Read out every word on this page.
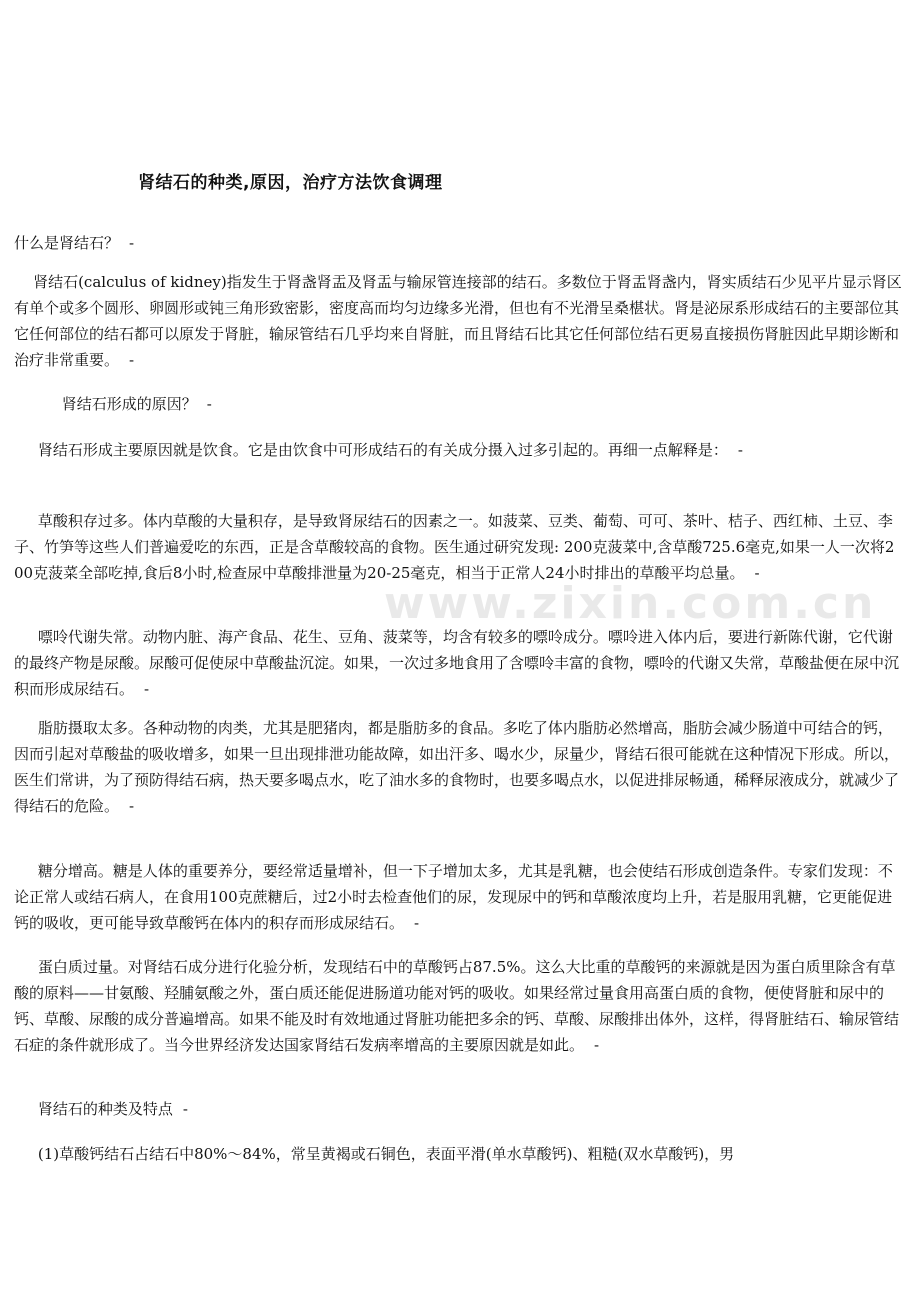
www.zixin.com.cn
肾结石的种类,原因，治疗方法饮食调理

什么是肾结石？ -

肾结石(calculus of kidney)指发生于肾盏肾盂及肾盂与输尿管连接部的结石。多数位于肾盂肾盏内，肾实质结石少见平片显示肾区有单个或多个圆形、卵圆形或钝三角形致密影，密度高而均匀边缘多光滑，但也有不光滑呈桑椹状。肾是泌尿系形成结石的主要部位其它任何部位的结石都可以原发于肾脏，输尿管结石几乎均来自肾脏，而且肾结石比其它任何部位结石更易直接损伤肾脏因此早期诊断和治疗非常重要。 -

肾结石形成的原因？ -

肾结石形成主要原因就是饮食。它是由饮食中可形成结石的有关成分摄入过多引起的。再细一点解释是： -

草酸积存过多。体内草酸的大量积存，是导致肾尿结石的因素之一。如菠菜、豆类、葡萄、可可、茶叶、桔子、西红柿、土豆、李子、竹笋等这些人们普遍爱吃的东西，正是含草酸较高的食物。医生通过研究发现: 200克菠菜中,含草酸725.6毫克,如果一人一次将200克菠菜全部吃掉,食后8小时,检查尿中草酸排泄量为20-25毫克，相当于正常人24小时排出的草酸平均总量。 -

嘌呤代谢失常。动物内脏、海产食品、花生、豆角、菠菜等，均含有较多的嘌呤成分。嘌呤进入体内后，要进行新陈代谢，它代谢的最终产物是尿酸。尿酸可促使尿中草酸盐沉淀。如果，一次过多地食用了含嘌呤丰富的食物，嘌呤的代谢又失常，草酸盐便在尿中沉积而形成尿结石。 -

脂肪摄取太多。各种动物的肉类，尤其是肥猪肉，都是脂肪多的食品。多吃了体内脂肪必然增高，脂肪会减少肠道中可结合的钙，因而引起对草酸盐的吸收增多，如果一旦出现排泄功能故障，如出汗多、喝水少，尿量少，肾结石很可能就在这种情况下形成。所以，医生们常讲，为了预防得结石病，热天要多喝点水，吃了油水多的食物时，也要多喝点水，以促进排尿畅通，稀释尿液成分，就减少了得结石的危险。 -

糖分增高。糖是人体的重要养分，要经常适量增补，但一下子增加太多，尤其是乳糖，也会使结石形成创造条件。专家们发现：不论正常人或结石病人，在食用100克蔗糖后，过2小时去检查他们的尿，发现尿中的钙和草酸浓度均上升，若是服用乳糖，它更能促进钙的吸收，更可能导致草酸钙在体内的积存而形成尿结石。 -

蛋白质过量。对肾结石成分进行化验分析，发现结石中的草酸钙占87.5%。这么大比重的草酸钙的来源就是因为蛋白质里除含有草酸的原料——甘氨酸、羟脯氨酸之外，蛋白质还能促进肠道功能对钙的吸收。如果经常过量食用高蛋白质的食物，便使肾脏和尿中的钙、草酸、尿酸的成分普遍增高。如果不能及时有效地通过肾脏功能把多余的钙、草酸、尿酸排出体外，这样，得肾脏结石、输尿管结石症的条件就形成了。当今世界经济发达国家肾结石发病率增高的主要原因就是如此。 -

肾结石的种类及特点 -

(1)草酸钙结石占结石中80%～84%，常呈黄褐或石铜色，表面平滑(单水草酸钙)、粗糙(双水草酸钙)，男
